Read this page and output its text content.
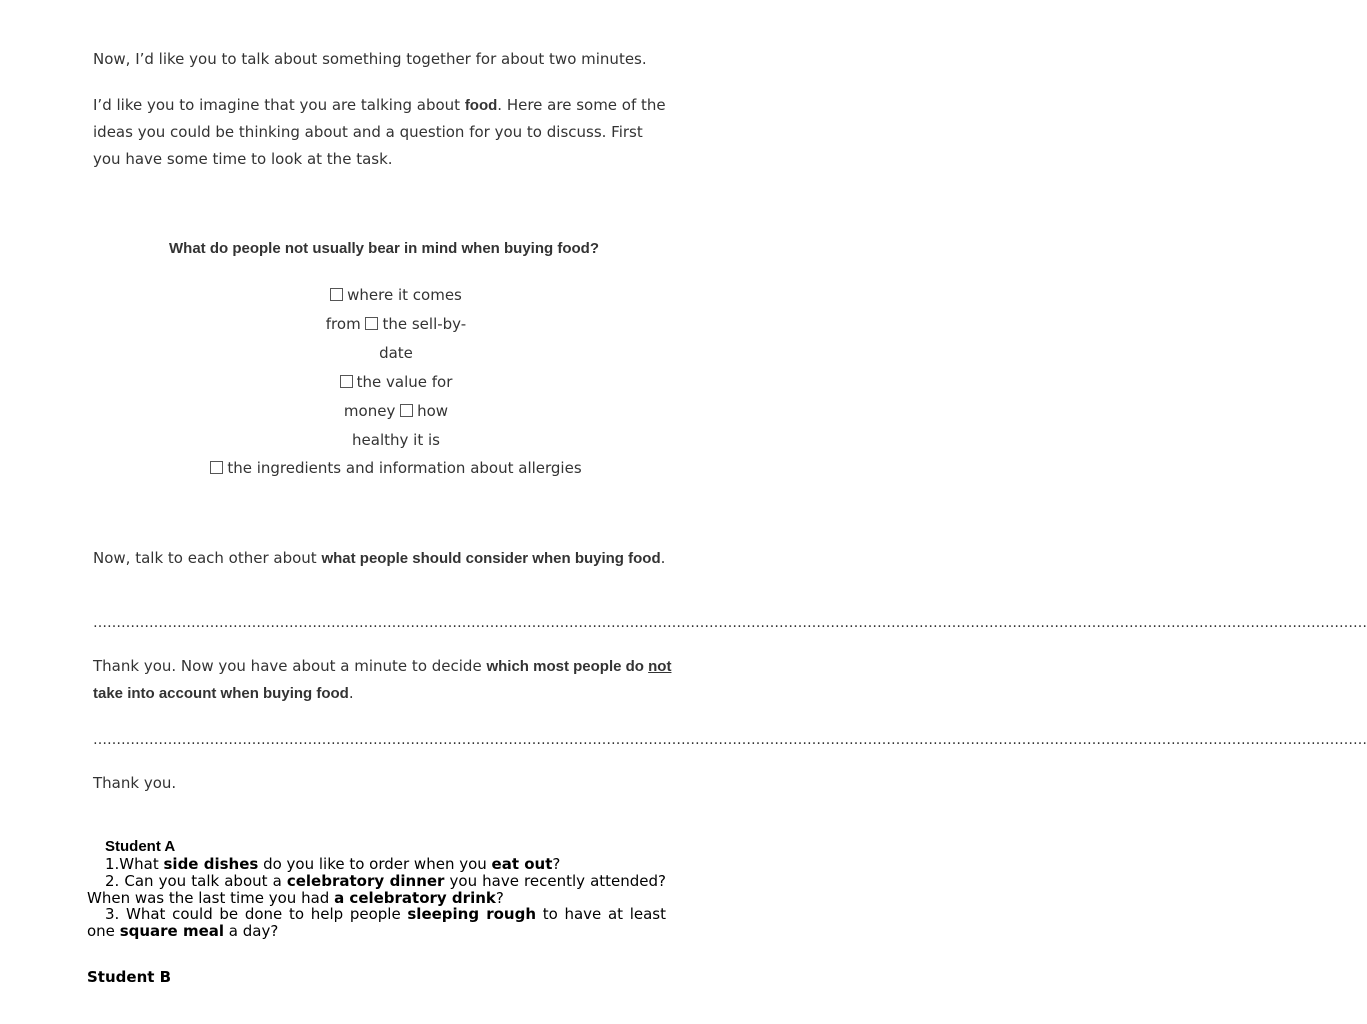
Now, I’d like you to talk about something together for about two minutes.

I’d like you to imagine that you are talking about food. Here are some of the ideas you could be thinking about and a question for you to discuss. First you have some time to look at the task.

What do people not usually bear in mind when buying food?

where it comes
from the sell-by-
date
the value for
money how
healthy it is
the ingredients and information about allergies

Now, talk to each other about what people should consider when buying food.

…………………………………………………………………………………………………………………………………………………………………………………………………………………………………………………

Thank you. Now you have about a minute to decide which most people do not take into account when buying food.

…………………………………………………………………………………………………………………………………………………………………………………………………………………………………………………

Thank you.

Student A

1.What side dishes do you like to order when you eat out?

2. Can you talk about a celebratory dinner you have recently attended? When was the last time you had a celebratory drink?

3. What could be done to help people sleeping rough to have at least one square meal a day?

Student B
